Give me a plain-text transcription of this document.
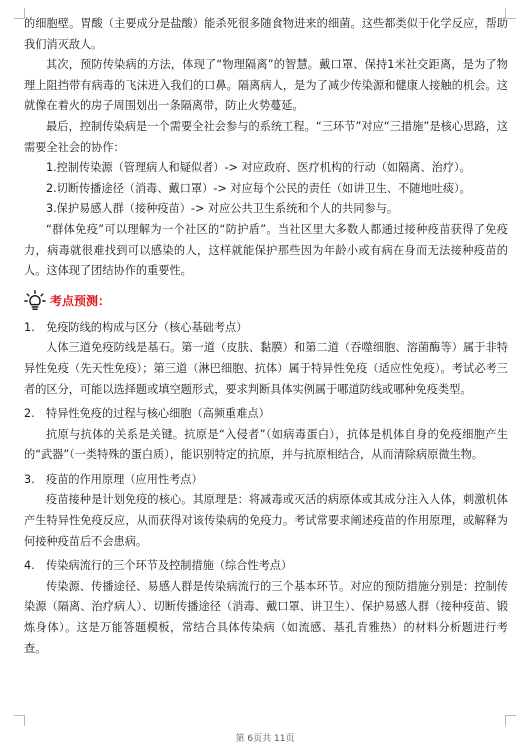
的细胞壁。胃酸（主要成分是盐酸）能杀死很多随食物进来的细菌。这些都类似于化学反应，帮助我们消灭敌人。

其次，预防传染病的方法，体现了“物理隔离”的智慧。戴口罩、保持1米社交距离，是为了物理上阻挡带有病毒的飞沫进入我们的口鼻。隔离病人，是为了减少传染源和健康人接触的机会。这就像在着火的房子周围划出一条隔离带，防止火势蔓延。

最后，控制传染病是一个需要全社会参与的系统工程。“三环节”对应“三措施”是核心思路，这需要全社会的协作：

1.控制传染源（管理病人和疑似者）-> 对应政府、医疗机构的行动（如隔离、治疗）。

2.切断传播途径（消毒、戴口罩）-> 对应每个公民的责任（如讲卫生、不随地吐痰）。

3.保护易感人群（接种疫苗）-> 对应公共卫生系统和个人的共同参与。

“群体免疫”可以理解为一个社区的“防护盾”。当社区里大多数人都通过接种疫苗获得了免疫力，病毒就很难找到可以感染的人，这样就能保护那些因为年龄小或有病在身而无法接种疫苗的人。这体现了团结协作的重要性。

考点预测：
1.	免疫防线的构成与区分（核心基础考点）

人体三道免疫防线是基石。第一道（皮肤、黏膜）和第二道（吞噬细胞、溶菌酶等）属于非特异性免疫（先天性免疫）；第三道（淋巴细胞、抗体）属于特异性免疫（适应性免疫）。考试必考三者的区分，可能以选择题或填空题形式，要求判断具体实例属于哪道防线或哪种免疫类型。

2.	特异性免疫的过程与核心细胞（高频重难点）

抗原与抗体的关系是关键。抗原是“入侵者”（如病毒蛋白），抗体是机体自身的免疫细胞产生的“武器”（一类特殊的蛋白质），能识别特定的抗原，并与抗原相结合，从而清除病原微生物。

3.	疫苗的作用原理（应用性考点）

疫苗接种是计划免疫的核心。其原理是：将减毒或灭活的病原体或其成分注入人体，刺激机体产生特异性免疫反应，从而获得对该传染病的免疫力。考试常要求阐述疫苗的作用原理，或解释为何接种疫苗后不会患病。

4.	传染病流行的三个环节及控制措施（综合性考点）

传染源、传播途径、易感人群是传染病流行的三个基本环节。对应的预防措施分别是：控制传染源（隔离、治疗病人）、切断传播途径（消毒、戴口罩、讲卫生）、保护易感人群（接种疫苗、锻炼身体）。这是万能答题模板，常结合具体传染病（如流感、基孔肯雅热）的材料分析题进行考查。

第 6页共 11页
